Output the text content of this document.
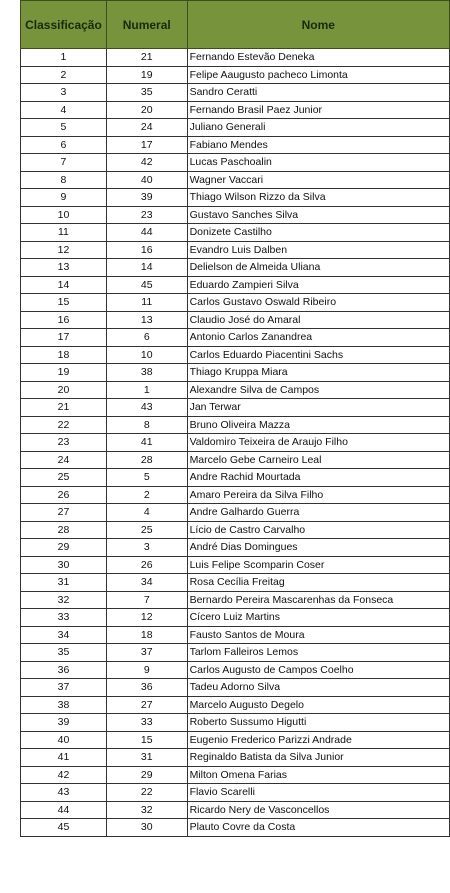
Classificação	Numeral	Nome
1	21	Fernando Estevão Deneka
2	19	Felipe Aaugusto pacheco Limonta
3	35	Sandro Ceratti
4	20	Fernando Brasil Paez Junior
5	24	Juliano Generali
6	17	Fabiano Mendes
7	42	Lucas Paschoalin
8	40	Wagner Vaccari
9	39	Thiago Wilson Rizzo da Silva
10	23	Gustavo Sanches Silva
11	44	Donizete Castilho
12	16	Evandro Luis Dalben
13	14	Delielson de Almeida Uliana
14	45	Eduardo Zampieri Silva
15	11	Carlos Gustavo Oswald Ribeiro
16	13	Claudio José do Amaral
17	6	Antonio Carlos Zanandrea
18	10	Carlos Eduardo Piacentini Sachs
19	38	Thiago Kruppa Miara
20	1	Alexandre Silva de Campos
21	43	Jan Terwar
22	8	Bruno Oliveira Mazza
23	41	Valdomiro Teixeira de Araujo Filho
24	28	Marcelo Gebe Carneiro Leal
25	5	Andre Rachid Mourtada
26	2	Amaro Pereira da Silva Filho
27	4	Andre Galhardo Guerra
28	25	Lício de Castro Carvalho
29	3	André Dias Domingues
30	26	Luis Felipe Scomparin Coser
31	34	Rosa Cecília Freitag
32	7	Bernardo Pereira Mascarenhas da Fonseca
33	12	Cícero Luiz Martins
34	18	Fausto Santos de Moura
35	37	Tarlom Falleiros Lemos
36	9	Carlos Augusto de Campos Coelho
37	36	Tadeu Adorno Silva
38	27	Marcelo Augusto Degelo
39	33	Roberto Sussumo Higutti
40	15	Eugenio Frederico Parizzi Andrade
41	31	Reginaldo Batista da Silva Junior
42	29	Milton Omena Farias
43	22	Flavio Scarelli
44	32	Ricardo Nery de Vasconcellos
45	30	Plauto Covre da Costa
